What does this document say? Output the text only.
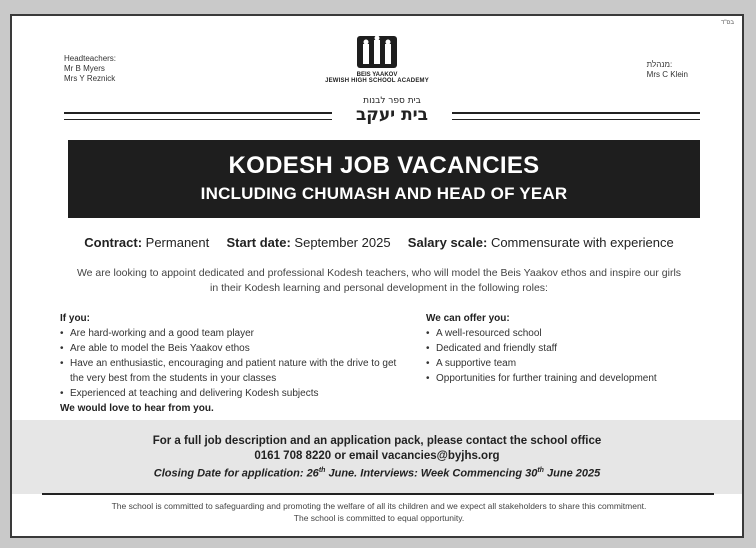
בס"ד
Headteachers:
Mr B Myers
Mrs Y Reznick	BEIS YAAKOV
JEWISH HIGH SCHOOL ACADEMY
בית ספר לבנות
בית יעקב
מנהלת:
Mrs C Klein
KODESH JOB VACANCIES
INCLUDING CHUMASH AND HEAD OF YEAR
Contract: Permanent Start date: September 2025 Salary scale: Commensurate with experience
We are looking to appoint dedicated and professional Kodesh teachers, who will model the Beis Yaakov ethos and inspire our girls in their Kodesh learning and personal development in the following roles:
If you:
• Are hard-working and a good team player
• Are able to model the Beis Yaakov ethos
• Have an enthusiastic, encouraging and patient nature with the drive to get the very best from the students in your classes
• Experienced at teaching and delivering Kodesh subjects
We would love to hear from you.
We can offer you:
• A well-resourced school
• Dedicated and friendly staff
• A supportive team
• Opportunities for further training and development
For a full job description and an application pack, please contact the school office
0161 708 8220 or email vacancies@byjhs.org
Closing Date for application: 26th June. Interviews: Week Commencing 30th June 2025
The school is committed to safeguarding and promoting the welfare of all its children and we expect all stakeholders to share this commitment.
The school is committed to equal opportunity.
